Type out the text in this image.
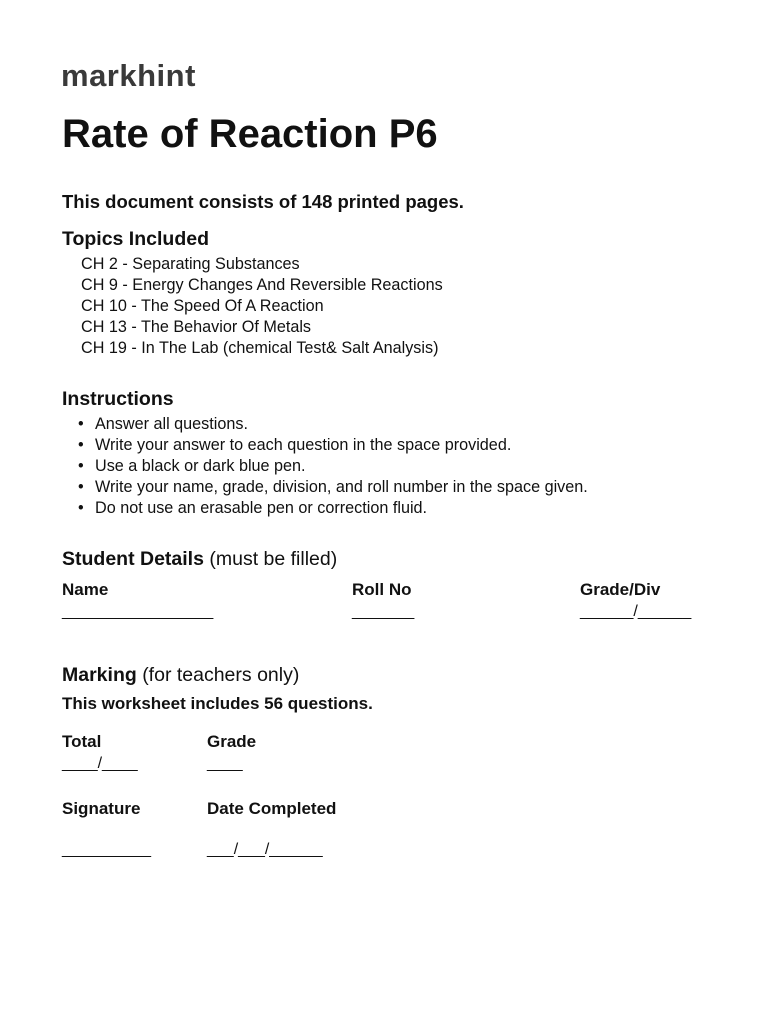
markhint
Rate of Reaction P6
This document consists of 148 printed pages.
Topics Included
CH 2 - Separating Substances
CH 9 - Energy Changes And Reversible Reactions
CH 10 - The Speed Of A Reaction
CH 13 - The Behavior Of Metals
CH 19 - In The Lab (chemical Test& Salt Analysis)
Instructions
• Answer all questions.
• Write your answer to each question in the space provided.
• Use a black or dark blue pen.
• Write your name, grade, division, and roll number in the space given.
• Do not use an erasable pen or correction fluid.
Student Details (must be filled)
Name
_________________
Roll No
_______
Grade/Div
______/______
Marking (for teachers only)
This worksheet includes 56 questions.
Total
____/____
Grade
____
Signature
__________
Date Completed
___/___/______
